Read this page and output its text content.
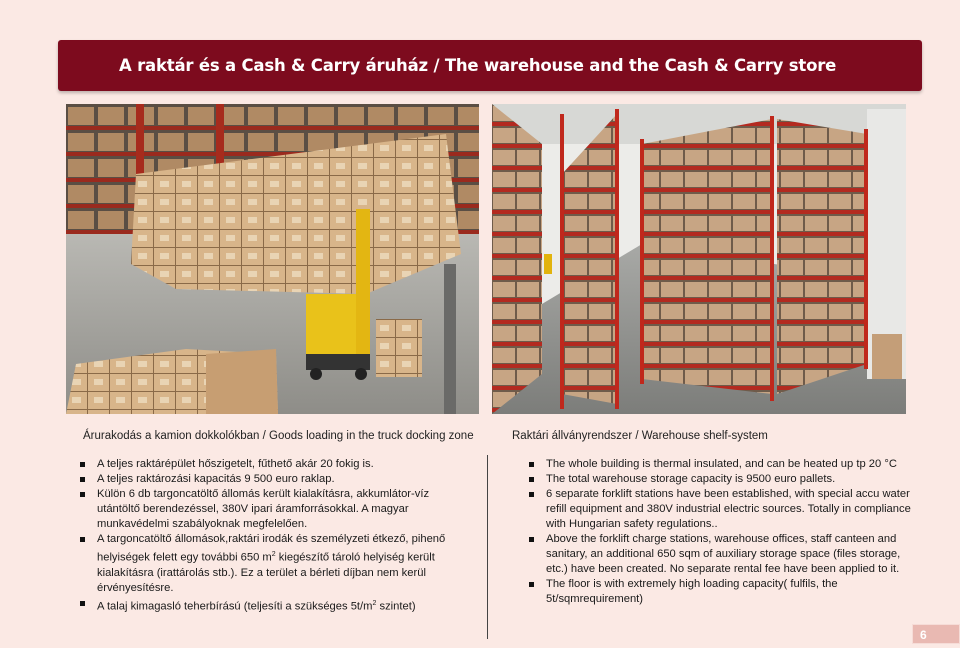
A raktár és a Cash & Carry áruház / The warehouse and the Cash & Carry store
Árurakodás a kamion dokkolókban / Goods loading in the truck docking zone	Raktári állványrendszer / Warehouse shelf-system
A teljes raktárépület hőszigetelt, fűthető akár 20 fokig is.
A teljes raktározási kapacitás 9 500 euro raklap.
Külön 6 db targoncatöltő állomás került kialakításra, akkumlátor-víz utántöltő berendezéssel, 380V ipari áramforrásokkal. A magyar munkavédelmi szabályoknak megfelelően.
A targoncatöltő állomások,raktári irodák és személyzeti étkező, pihenő helyiségek felett egy további 650 $m^2$ kiegészítő tároló helyiség került kialakításra (irattárolás stb.). Ez a terület a bérleti díjban nem kerül érvényesítésre.
A talaj kimagasló teherbírású (teljesíti a szükséges $5t/m^2$ szintet)
The whole building is thermal insulated, and can be heated up tp 20 °C
The total warehouse storage capacity is 9500 euro pallets.
6 separate forklift stations have been established, with special accu water refill equipment and 380V industrial electric sources. Totally in compliance with Hungarian safety regulations..
Above the forklift charge stations, warehouse offices, staff canteen and sanitary, an additional 650 sqm of auxiliary storage space (files storage, etc.) have been created. No separate rental fee have been applied to it.
The floor is with extremely high loading capacity( fulfils, the 5t/sqmrequirement)
6
